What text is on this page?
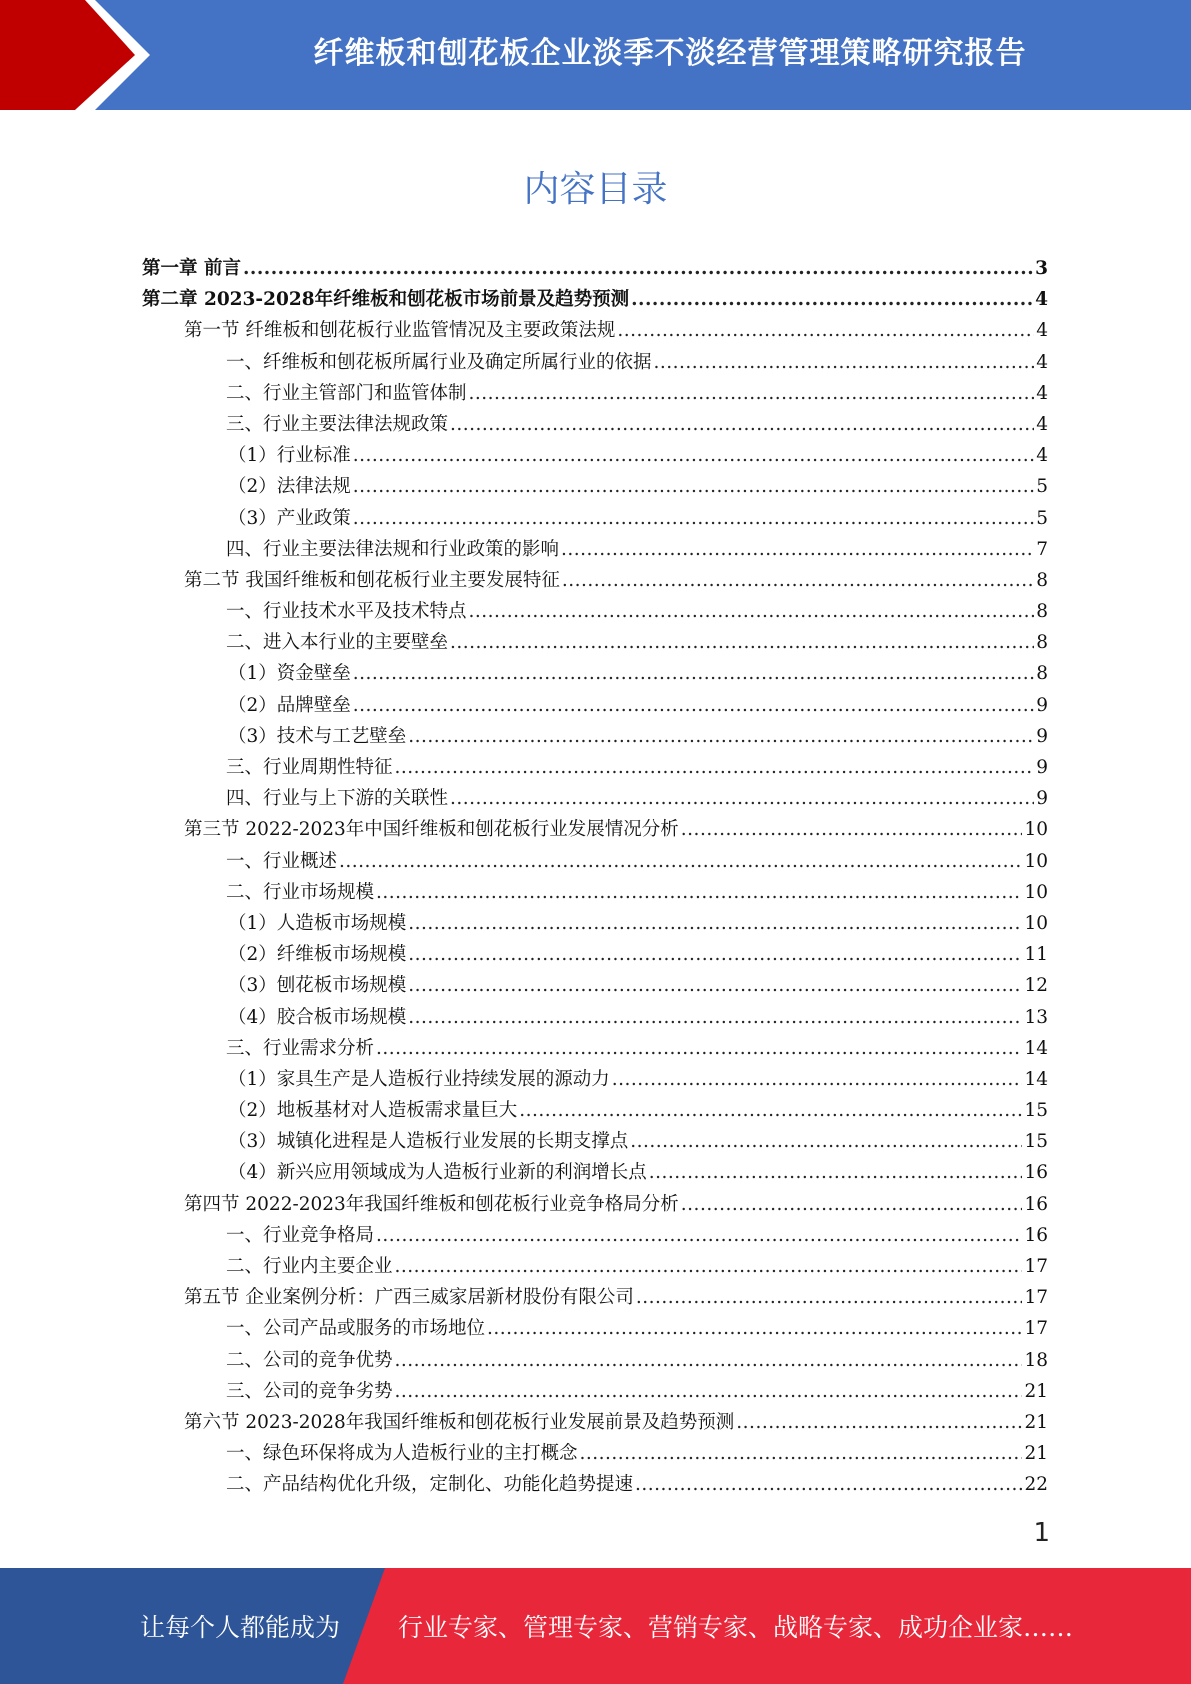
纤维板和刨花板企业淡季不淡经营管理策略研究报告
内容目录
第一章 前言 .....	3
第二章 2023-2028年纤维板和刨花板市场前景及趋势预测 .....	4
第一节 纤维板和刨花板行业监管情况及主要政策法规 .....	4
一、纤维板和刨花板所属行业及确定所属行业的依据 .....	4
二、行业主管部门和监管体制 .....	4
三、行业主要法律法规政策 .....	4
（1）行业标准 .....	4
（2）法律法规 .....	5
（3）产业政策 .....	5
四、行业主要法律法规和行业政策的影响 .....	7
第二节 我国纤维板和刨花板行业主要发展特征 .....	8
一、行业技术水平及技术特点 .....	8
二、进入本行业的主要壁垒 .....	8
（1）资金壁垒 .....	8
（2）品牌壁垒 .....	9
（3）技术与工艺壁垒 .....	9
三、行业周期性特征 .....	9
四、行业与上下游的关联性 .....	9
第三节 2022-2023年中国纤维板和刨花板行业发展情况分析 .....	10
一、行业概述 .....	10
二、行业市场规模 .....	10
（1）人造板市场规模 .....	10
（2）纤维板市场规模 .....	11
（3）刨花板市场规模 .....	12
（4）胶合板市场规模 .....	13
三、行业需求分析 .....	14
（1）家具生产是人造板行业持续发展的源动力 .....	14
（2）地板基材对人造板需求量巨大 .....	15
（3）城镇化进程是人造板行业发展的长期支撑点 .....	15
（4）新兴应用领域成为人造板行业新的利润增长点 .....	16
第四节 2022-2023年我国纤维板和刨花板行业竞争格局分析 .....	16
一、行业竞争格局 .....	16
二、行业内主要企业 .....	17
第五节 企业案例分析：广西三威家居新材股份有限公司 .....	17
一、公司产品或服务的市场地位 .....	17
二、公司的竞争优势 .....	18
三、公司的竞争劣势 .....	21
第六节 2023-2028年我国纤维板和刨花板行业发展前景及趋势预测 .....	21
一、绿色环保将成为人造板行业的主打概念 .....	21
二、产品结构优化升级，定制化、功能化趋势提速 .....	22
1
让每个人都能成为 行业专家、管理专家、营销专家、战略专家、成功企业家……
